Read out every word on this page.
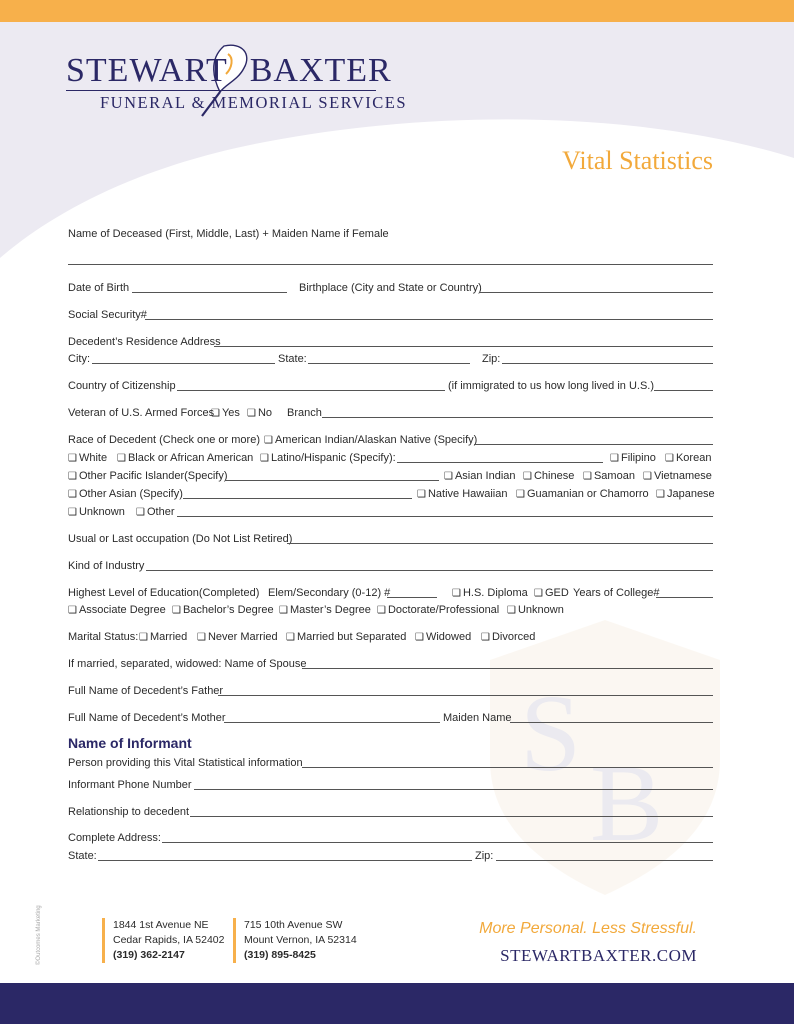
S
B
STEWART BAXTER
FUNERAL & MEMORIAL SERVICES
Vital Statistics
Name of Deceased (First, Middle, Last) + Maiden Name if Female
Date of Birth	Birthplace (City and State or Country)
Social Security#
Decedent’s Residence Address
City:	State:	Zip:
Country of Citizenship	(if immigrated to us how long lived in U.S.)
Veteran of U.S. Armed Forces ❑ Yes	❑ No Branch
Race of Decedent (Check one or more)	❑ American Indian/Alaskan Native (Specify)
❑ White	❑ Black or African American	❑ Latino/Hispanic (Specify):	❑ Filipino	❑ Korean
❑ Other Pacific Islander(Specify)	❑ Asian Indian	❑ Chinese	❑ Samoan	❑ Vietnamese
❑ Other Asian (Specify)	❑ Native Hawaiian	❑ Guamanian or Chamorro	❑ Japanese
❑ Unknown	❑ Other
Usual or Last occupation (Do Not List Retired)
Kind of Industry
Highest Level of Education(Completed) Elem/Secondary (0-12) #	❑ H.S. Diploma	❑ GED Years of College#
❑ Associate Degree	❑ Bachelor’s Degree	❑ Master’s Degree	❑ Doctorate/Professional	❑ Unknown
Marital Status:	❑ Married	❑ Never Married	❑ Married but Separated	❑ Widowed	❑ Divorced
If married, separated, widowed: Name of Spouse
Full Name of Decedent’s Father
Full Name of Decedent’s Mother	Maiden Name
Name of Informant
Person providing this Vital Statistical information
Informant Phone Number
Relationship to decedent
Complete Address:
State:	Zip:
©Outcomes Marketing	1844 1st Avenue NE
Cedar Rapids, IA 52402
(319) 362-2147
715 10th Avenue SW
Mount Vernon, IA 52314
(319) 895-8425
More Personal. Less Stressful.
STEWARTBAXTER.COM
